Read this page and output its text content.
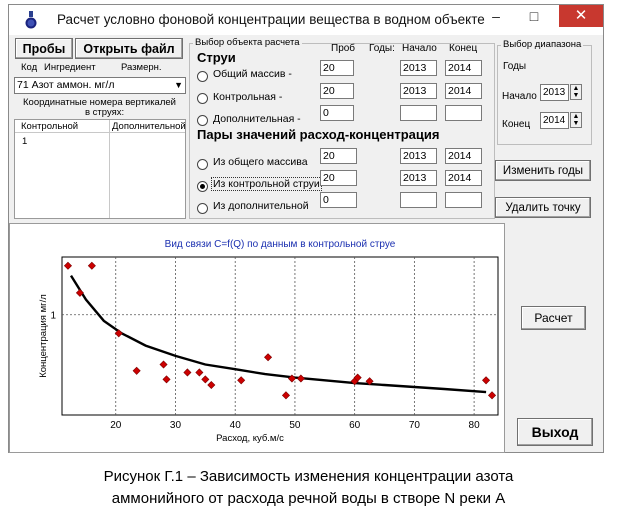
Расчет условно фоновой концентрации вещества в водном объекте –	□	✕
Пробы	Открыть файл
Код Ингредиент	Размерн.
71 Азот аммон. мг/л	▼
Координатные номера вертикалей
в струях:
Контрольной	Дополнительной
1
Выбор объекта расчета
Проб Годы: Начало Конец
Струи
Общий массив -	20	2013	2014
Контрольная -	20	2013	2014
Дополнительная - 0
Пары значений расход-концентрация
Из общего массива 20	2013	2014
Из контрольной струи 20	2013	2014
Из дополнительной 0
Выбор диапазона
Годы
Начало 2013	▲
▼
Конец	2014	▲
▼
Изменить годы
Удалить точку
Расчет
Выход
Вид связи C=f(Q) по данным в контрольной струе
20	30	40	50	60	70	80
1
Расход, куб.м/с
Концентрация мг/л
Рисунок Г.1 – Зависимость изменения концентрации азота
аммонийного от расхода речной воды в створе N реки А
